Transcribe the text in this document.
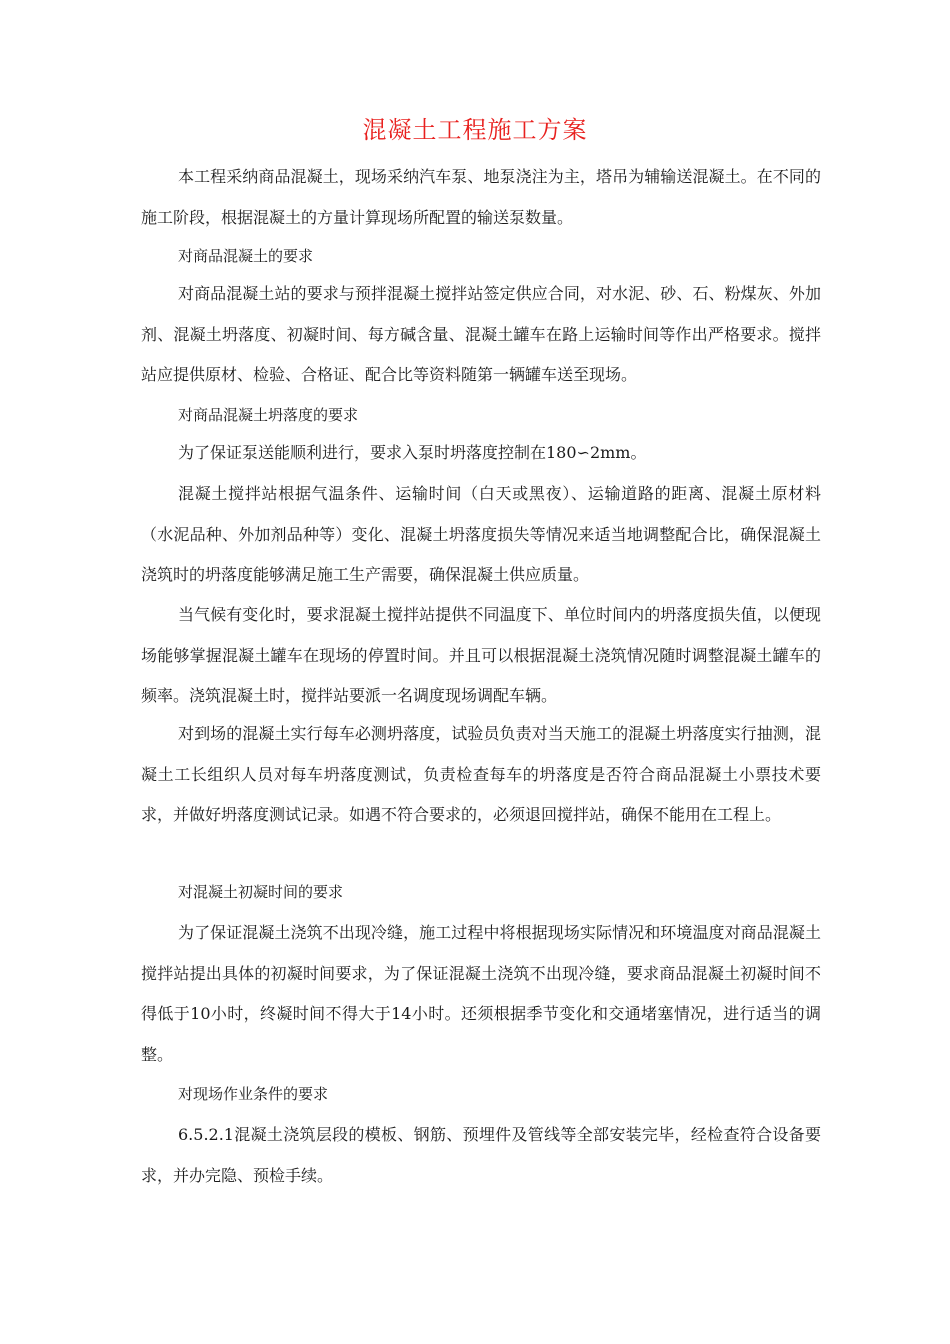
混凝土工程施工方案

本工程采纳商品混凝土，现场采纳汽车泵、地泵浇注为主，塔吊为辅输送混凝土。在不同的施工阶段，根据混凝土的方量计算现场所配置的输送泵数量。

对商品混凝土的要求

对商品混凝土站的要求与预拌混凝土搅拌站签定供应合同，对水泥、砂、石、粉煤灰、外加剂、混凝土坍落度、初凝时间、每方碱含量、混凝土罐车在路上运输时间等作出严格要求。搅拌站应提供原材、检验、合格证、配合比等资料随第一辆罐车送至现场。

对商品混凝土坍落度的要求

为了保证泵送能顺利进行，要求入泵时坍落度控制在180∽2mm。

混凝土搅拌站根据气温条件、运输时间（白天或黑夜）、运输道路的距离、混凝土原材料（水泥品种、外加剂品种等）变化、混凝土坍落度损失等情况来适当地调整配合比，确保混凝土浇筑时的坍落度能够满足施工生产需要，确保混凝土供应质量。

当气候有变化时，要求混凝土搅拌站提供不同温度下、单位时间内的坍落度损失值，以便现场能够掌握混凝土罐车在现场的停置时间。并且可以根据混凝土浇筑情况随时调整混凝土罐车的频率。浇筑混凝土时，搅拌站要派一名调度现场调配车辆。

对到场的混凝土实行每车必测坍落度，试验员负责对当天施工的混凝土坍落度实行抽测，混凝土工长组织人员对每车坍落度测试，负责检查每车的坍落度是否符合商品混凝土小票技术要求，并做好坍落度测试记录。如遇不符合要求的，必须退回搅拌站，确保不能用在工程上。

对混凝土初凝时间的要求

为了保证混凝土浇筑不出现冷缝，施工过程中将根据现场实际情况和环境温度对商品混凝土搅拌站提出具体的初凝时间要求，为了保证混凝土浇筑不出现冷缝，要求商品混凝土初凝时间不得低于10小时，终凝时间不得大于14小时。还须根据季节变化和交通堵塞情况，进行适当的调整。

对现场作业条件的要求

6.5.2.1混凝土浇筑层段的模板、钢筋、预埋件及管线等全部安装完毕，经检查符合设备要求，并办完隐、预检手续。
